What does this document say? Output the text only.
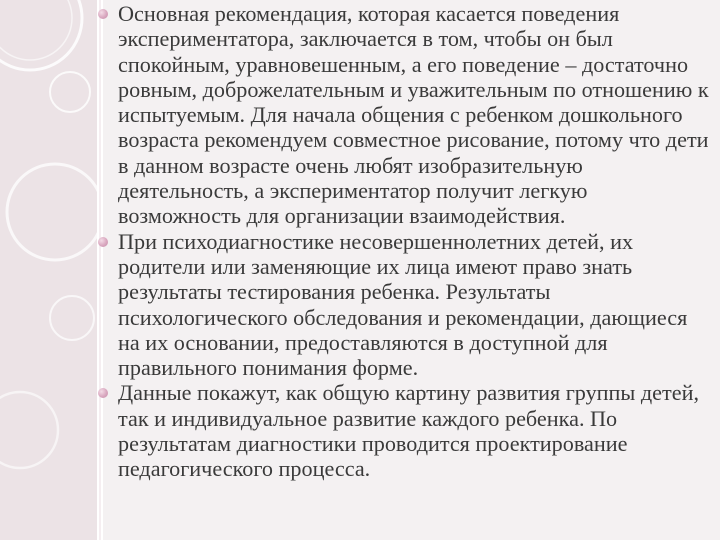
Основная рекомендация, которая касается поведения экспериментатора, заключается в том, чтобы он был спокойным, уравновешенным, а его поведение – достаточно ровным, доброжелательным и уважительным по отношению к испытуемым. Для начала общения с ребенком дошкольного возраста рекомендуем совместное рисование, потому что дети в данном возрасте очень любят изобразительную деятельность, а экспериментатор получит легкую возможность для организации взаимодействия.
При психодиагностике несовершеннолетних детей, их родители или заменяющие их лица имеют право знать результаты тестирования ребенка. Результаты психологического обследования и рекомендации, дающиеся на их основании, предоставляются в доступной для правильного понимания форме.
Данные покажут, как общую картину развития группы детей, так и индивидуальное развитие каждого ребенка. По результатам диагностики проводится проектирование педагогического процесса.
